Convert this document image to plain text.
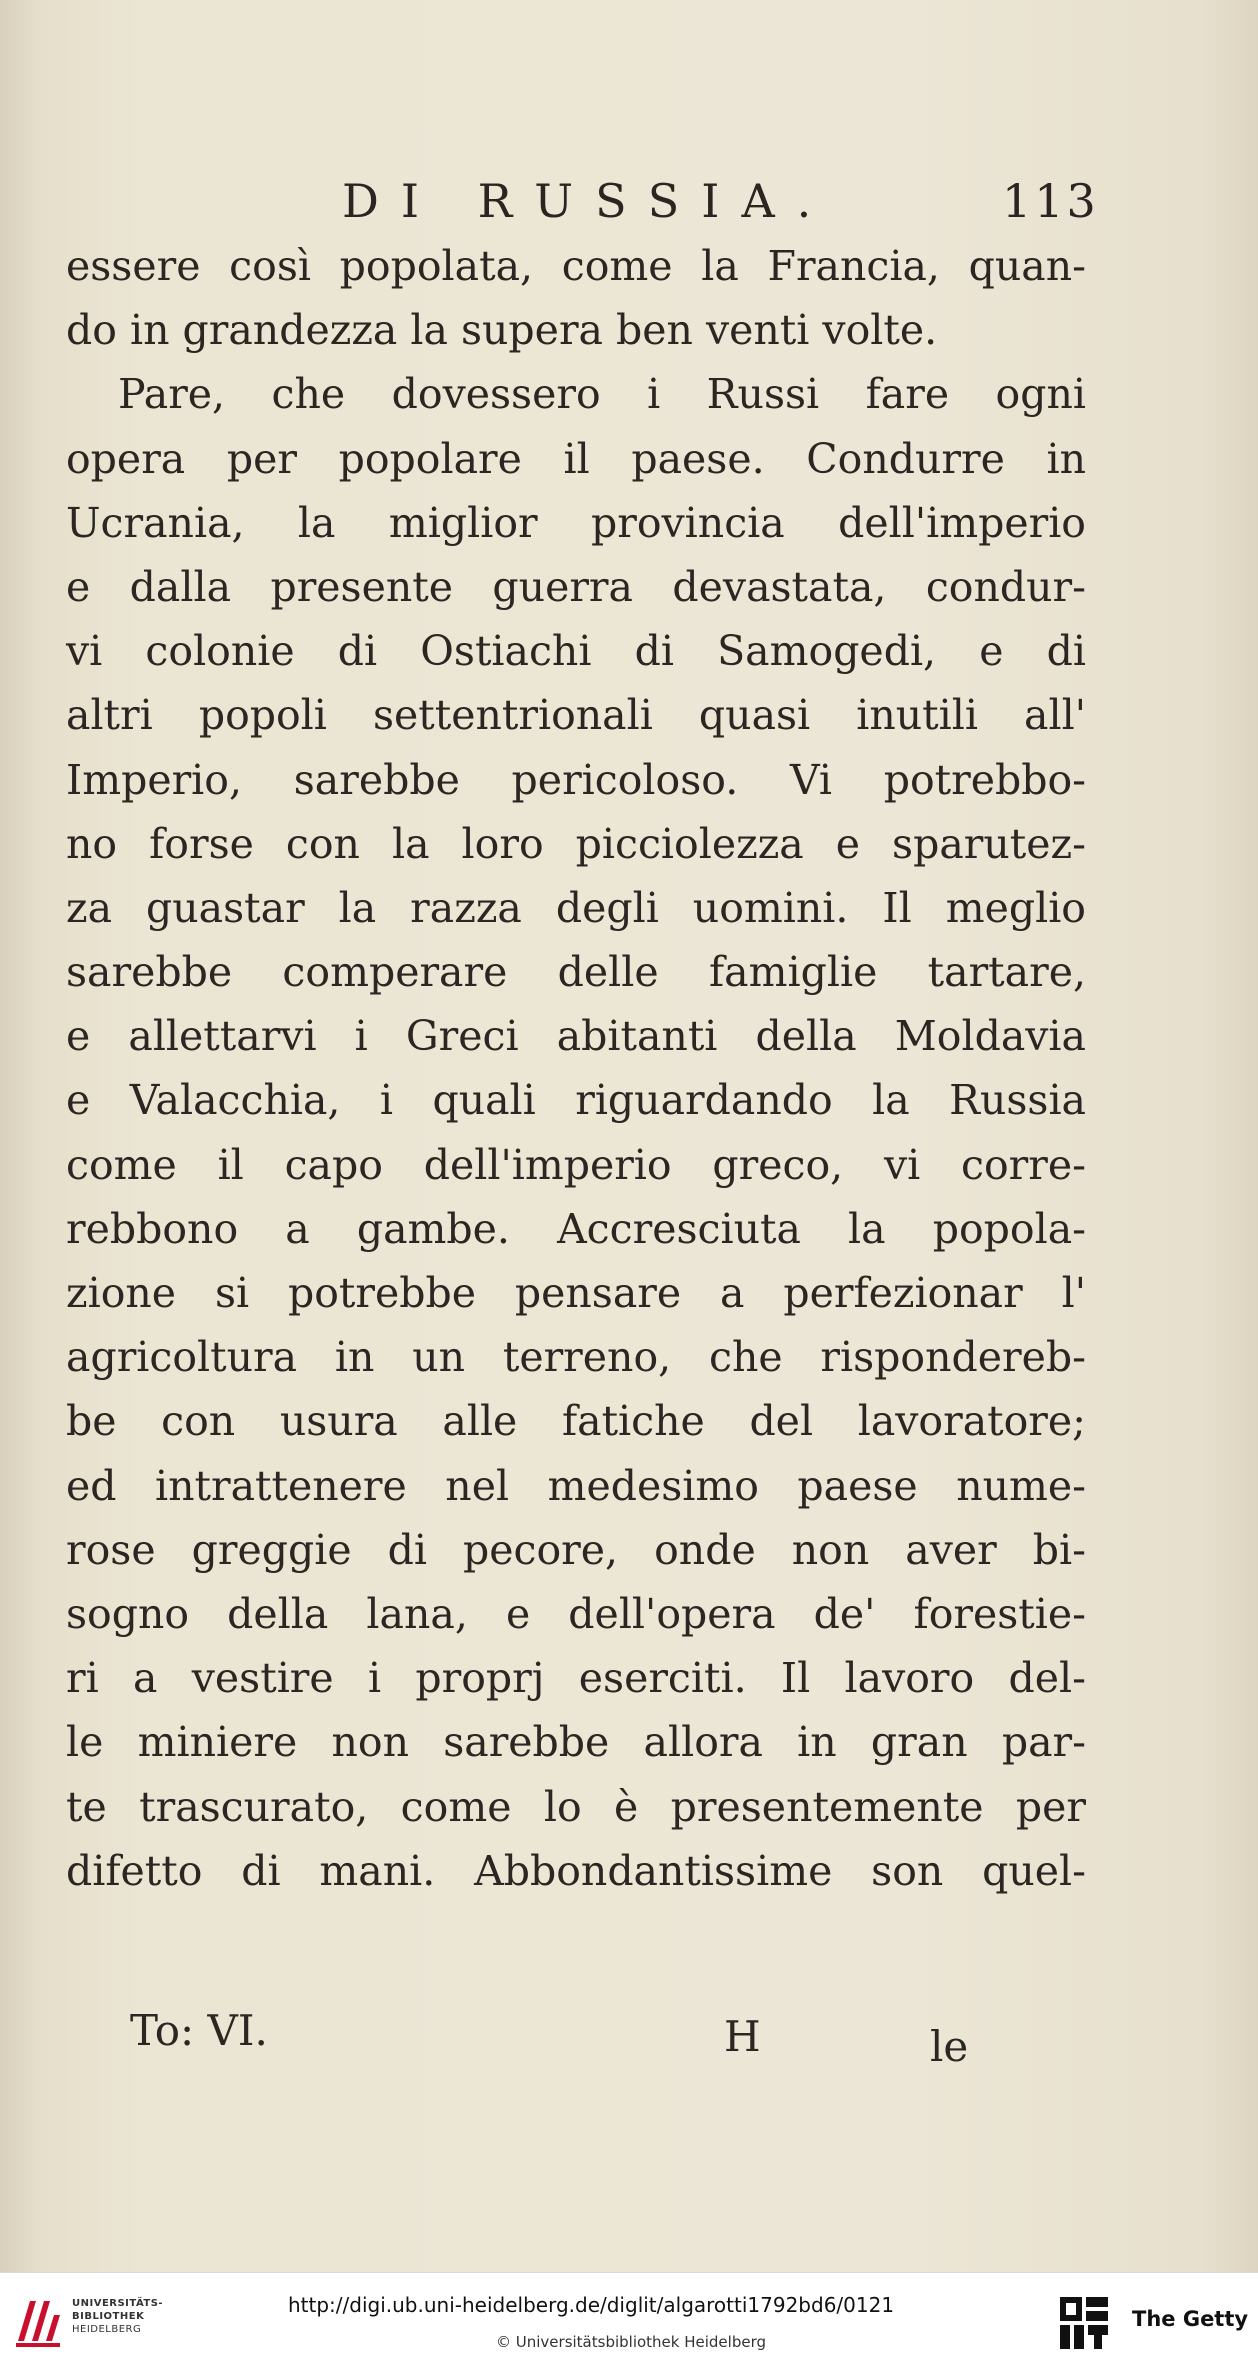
DI RUSSIA.	113
essere così popolata, come la Francia, quan-
do in grandezza la supera ben venti volte.
Pare, che dovessero i Russi fare ogni
opera per popolare il paese. Condurre in
Ucrania, la miglior provincia dell'imperio
e dalla presente guerra devastata, condur-
vi colonie di Ostiachi di Samogedi, e di
altri popoli settentrionali quasi inutili all'
Imperio, sarebbe pericoloso. Vi potrebbo-
no forse con la loro picciolezza e sparutez-
za guastar la razza degli uomini. Il meglio
sarebbe comperare delle famiglie tartare,
e allettarvi i Greci abitanti della Moldavia
e Valacchia, i quali riguardando la Russia
come il capo dell'imperio greco, vi corre-
rebbono a gambe. Accresciuta la popola-
zione si potrebbe pensare a perfezionar l'
agricoltura in un terreno, che rispondereb-
be con usura alle fatiche del lavoratore;
ed intrattenere nel medesimo paese nume-
rose greggie di pecore, onde non aver bi-
sogno della lana, e dell'opera de' forestie-
ri a vestire i proprj eserciti. Il lavoro del-
le miniere non sarebbe allora in gran par-
te trascurato, come lo è presentemente per
difetto di mani. Abbondantissime son quel-
To: VI.	H	le
UNIVERSITÄTS-
BIBLIOTHEK
HEIDELBERG
http://digi.ub.uni-heidelberg.de/diglit/algarotti1792bd6/0121
© Universitätsbibliothek Heidelberg
The Getty
